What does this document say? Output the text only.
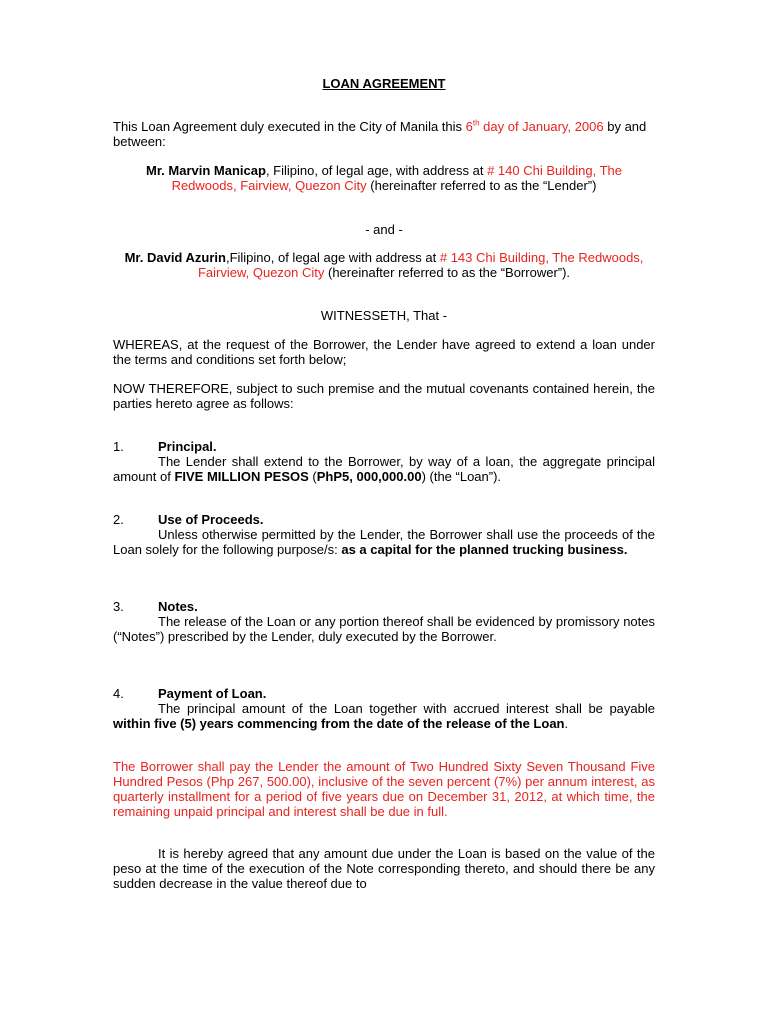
LOAN AGREEMENT
This Loan Agreement duly executed in the City of Manila this 6th day of January, 2006 by and between:
Mr. Marvin Manicap, Filipino, of legal age, with address at # 140 Chi Building, The Redwoods, Fairview, Quezon City (hereinafter referred to as the “Lender”)
- and -
Mr. David Azurin,Filipino, of legal age with address at # 143 Chi Building, The Redwoods, Fairview, Quezon City (hereinafter referred to as the “Borrower”).
WITNESSETH, That -
WHEREAS, at the request of the Borrower, the Lender have agreed to extend a loan under the terms and conditions set forth below;
NOW THEREFORE, subject to such premise and the mutual covenants contained herein, the parties hereto agree as follows:
1.	Principal.
The Lender shall extend to the Borrower, by way of a loan, the aggregate principal amount of FIVE MILLION PESOS (PhP5, 000,000.00) (the “Loan”).
2.	Use of Proceeds.
Unless otherwise permitted by the Lender, the Borrower shall use the proceeds of the Loan solely for the following purpose/s: as a capital for the planned trucking business.
3.	Notes.
The release of the Loan or any portion thereof shall be evidenced by promissory notes (“Notes”) prescribed by the Lender, duly executed by the Borrower.
4.	Payment of Loan.
The principal amount of the Loan together with accrued interest shall be payable within five (5) years commencing from the date of the release of the Loan.
The Borrower shall pay the Lender the amount of Two Hundred Sixty Seven Thousand Five Hundred Pesos (Php 267, 500.00), inclusive of the seven percent (7%) per annum interest, as quarterly installment for a period of five years due on December 31, 2012, at which time, the remaining unpaid principal and interest shall be due in full.
It is hereby agreed that any amount due under the Loan is based on the value of the peso at the time of the execution of the Note corresponding thereto, and should there be any sudden decrease in the value thereof due to
